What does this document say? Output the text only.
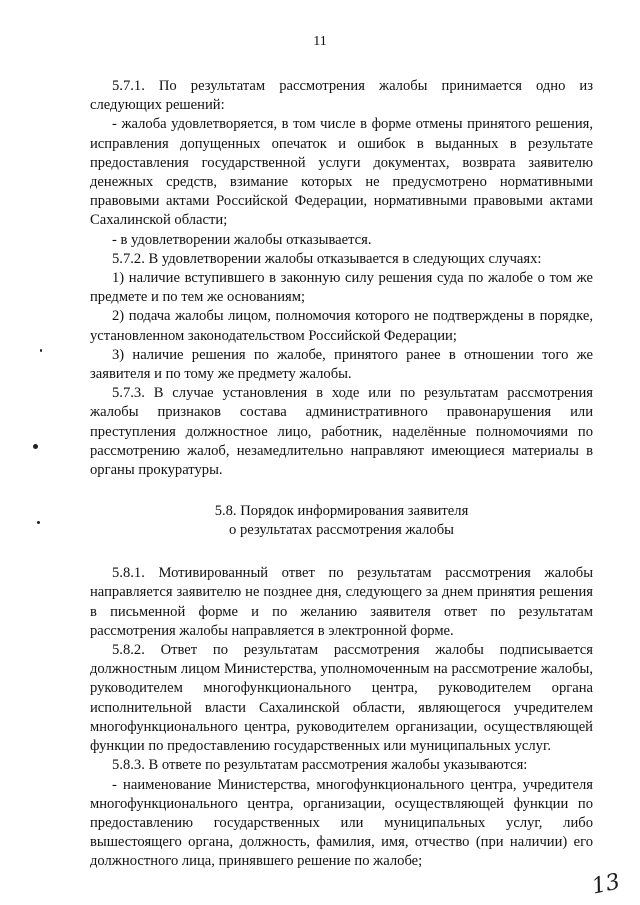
11

5.7.1. По результатам рассмотрения жалобы принимается одно из следующих решений:

- жалоба удовлетворяется, в том числе в форме отмены принятого решения, исправления допущенных опечаток и ошибок в выданных в результате предоставления государственной услуги документах, возврата заявителю денежных средств, взимание которых не предусмотрено нормативными правовыми актами Российской Федерации, нормативными правовыми актами Сахалинской области;

- в удовлетворении жалобы отказывается.

5.7.2. В удовлетворении жалобы отказывается в следующих случаях:

1) наличие вступившего в законную силу решения суда по жалобе о том же предмете и по тем же основаниям;

2) подача жалобы лицом, полномочия которого не подтверждены в порядке, установленном законодательством Российской Федерации;

3) наличие решения по жалобе, принятого ранее в отношении того же заявителя и по тому же предмету жалобы.

5.7.3. В случае установления в ходе или по результатам рассмотрения жалобы признаков состава административного правонарушения или преступления должностное лицо, работник, наделённые полномочиями по рассмотрению жалоб, незамедлительно направляют имеющиеся материалы в органы прокуратуры.

5.8. Порядок информирования заявителя
о результатах рассмотрения жалобы

5.8.1. Мотивированный ответ по результатам рассмотрения жалобы направляется заявителю не позднее дня, следующего за днем принятия решения в письменной форме и по желанию заявителя ответ по результатам рассмотрения жалобы направляется в электронной форме.

5.8.2. Ответ по результатам рассмотрения жалобы подписывается должностным лицом Министерства, уполномоченным на рассмотрение жалобы, руководителем многофункционального центра, руководителем органа исполнительной власти Сахалинской области, являющегося учредителем многофункционального центра, руководителем организации, осуществляющей функции по предоставлению государственных или муниципальных услуг.

5.8.3. В ответе по результатам рассмотрения жалобы указываются:

- наименование Министерства, многофункционального центра, учредителя многофункционального центра, организации, осуществляющей функции по предоставлению государственных или муниципальных услуг, либо вышестоящего органа, должность, фамилия, имя, отчество (при наличии) его должностного лица, принявшего решение по жалобе;

13
